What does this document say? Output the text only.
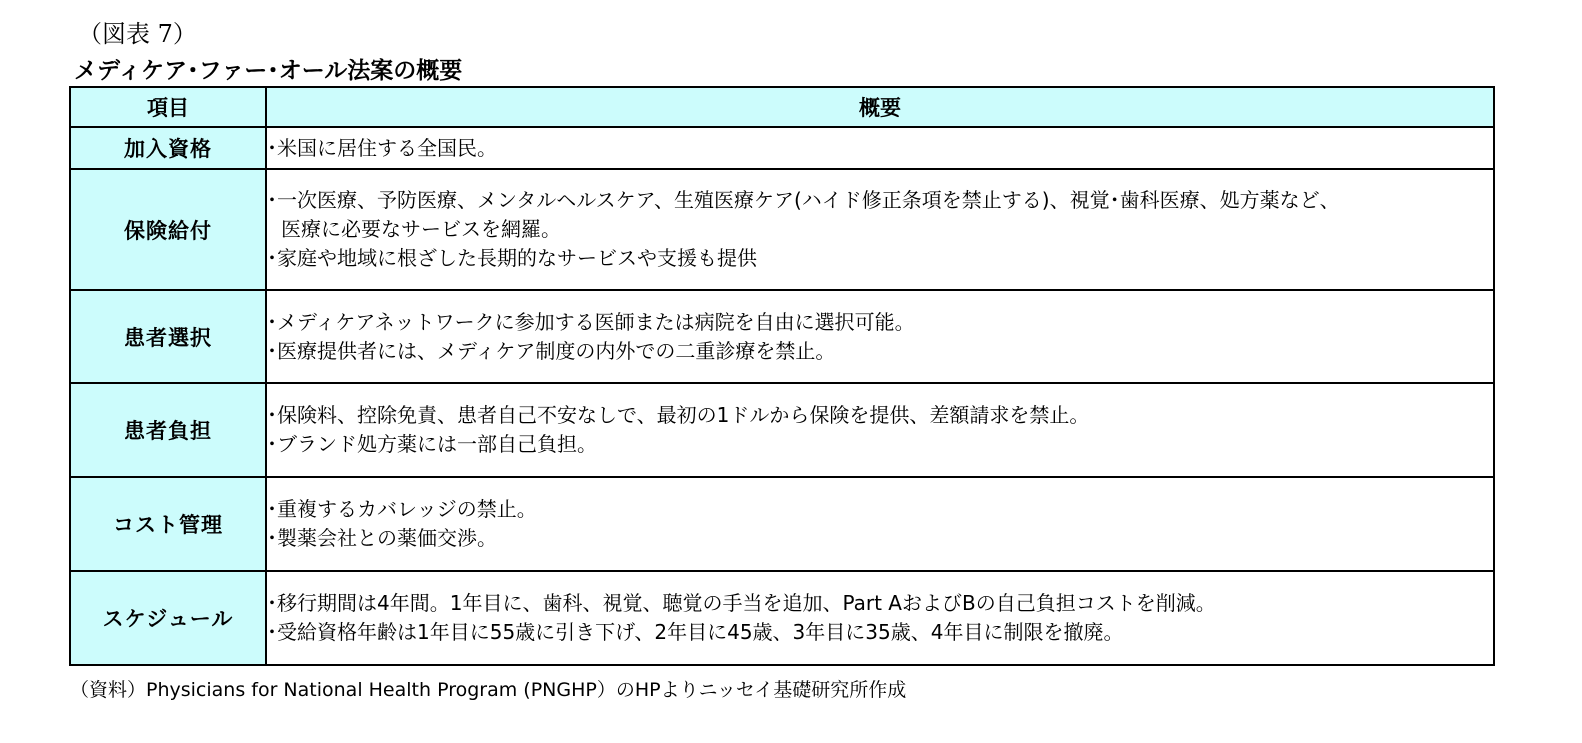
（図表 7）
メディケア･ファー･オール法案の概要
項目	概要
加入資格	･米国に居住する全国民。

保険給付	･一次医療、予防医療、メンタルヘルスケア、生殖医療ケア(ハイド修正条項を禁止する)、視覚･歯科医療、処方薬など、
医療に必要なサービスを網羅。
･家庭や地域に根ざした長期的なサービスや支援も提供

患者選択	･メディケアネットワークに参加する医師または病院を自由に選択可能。
･医療提供者には、メディケア制度の内外での二重診療を禁止。

患者負担	･保険料、控除免責、患者自己不安なしで、最初の1ドルから保険を提供、差額請求を禁止。
･ブランド処方薬には一部自己負担。

コスト管理	･重複するカバレッジの禁止。
･製薬会社との薬価交渉。

スケジュール	･移行期間は4年間。1年目に、歯科、視覚、聴覚の手当を追加、Part AおよびBの自己負担コストを削減。
･受給資格年齢は1年目に55歳に引き下げ、2年目に45歳、3年目に35歳、4年目に制限を撤廃。
（資料）Physicians for National Health Program (PNGHP）のHPよりニッセイ基礎研究所作成
